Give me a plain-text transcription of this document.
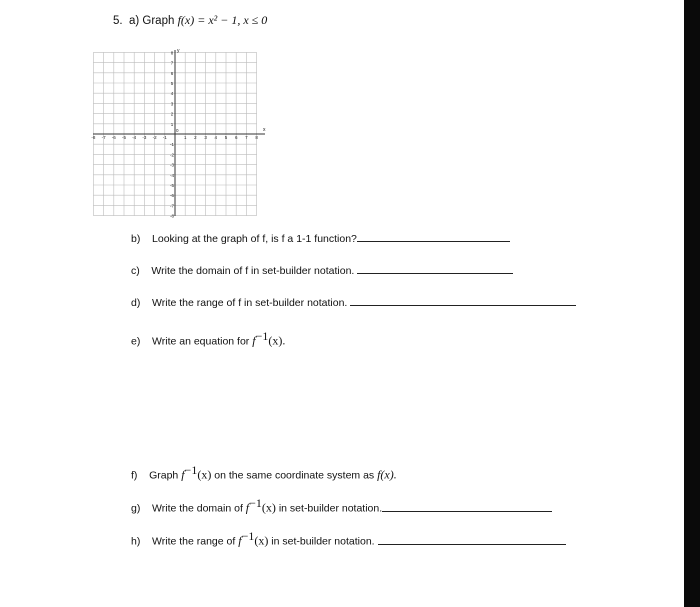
5. a) Graph f(x) = x² − 1, x ≤ 0
y
x
0
-8 -7 -6 -5 -4 -3 -2 -1	1 2 3 4 5 6 7 8
8
7
6
5
4
3
2
1
-1
-2
-3
-4
-5
-6
-7
-8
b) Looking at the graph of f, is f a 1-1 function?
c) Write the domain of f in set-builder notation.
d) Write the range of f in set-builder notation.
e) Write an equation for $f^{-1}(x)$.
f) Graph $f^{-1}(x)$ on the same coordinate system as f(x).
g) Write the domain of $f^{-1}(x)$ in set-builder notation.
h) Write the range of $f^{-1}(x)$ in set-builder notation.
